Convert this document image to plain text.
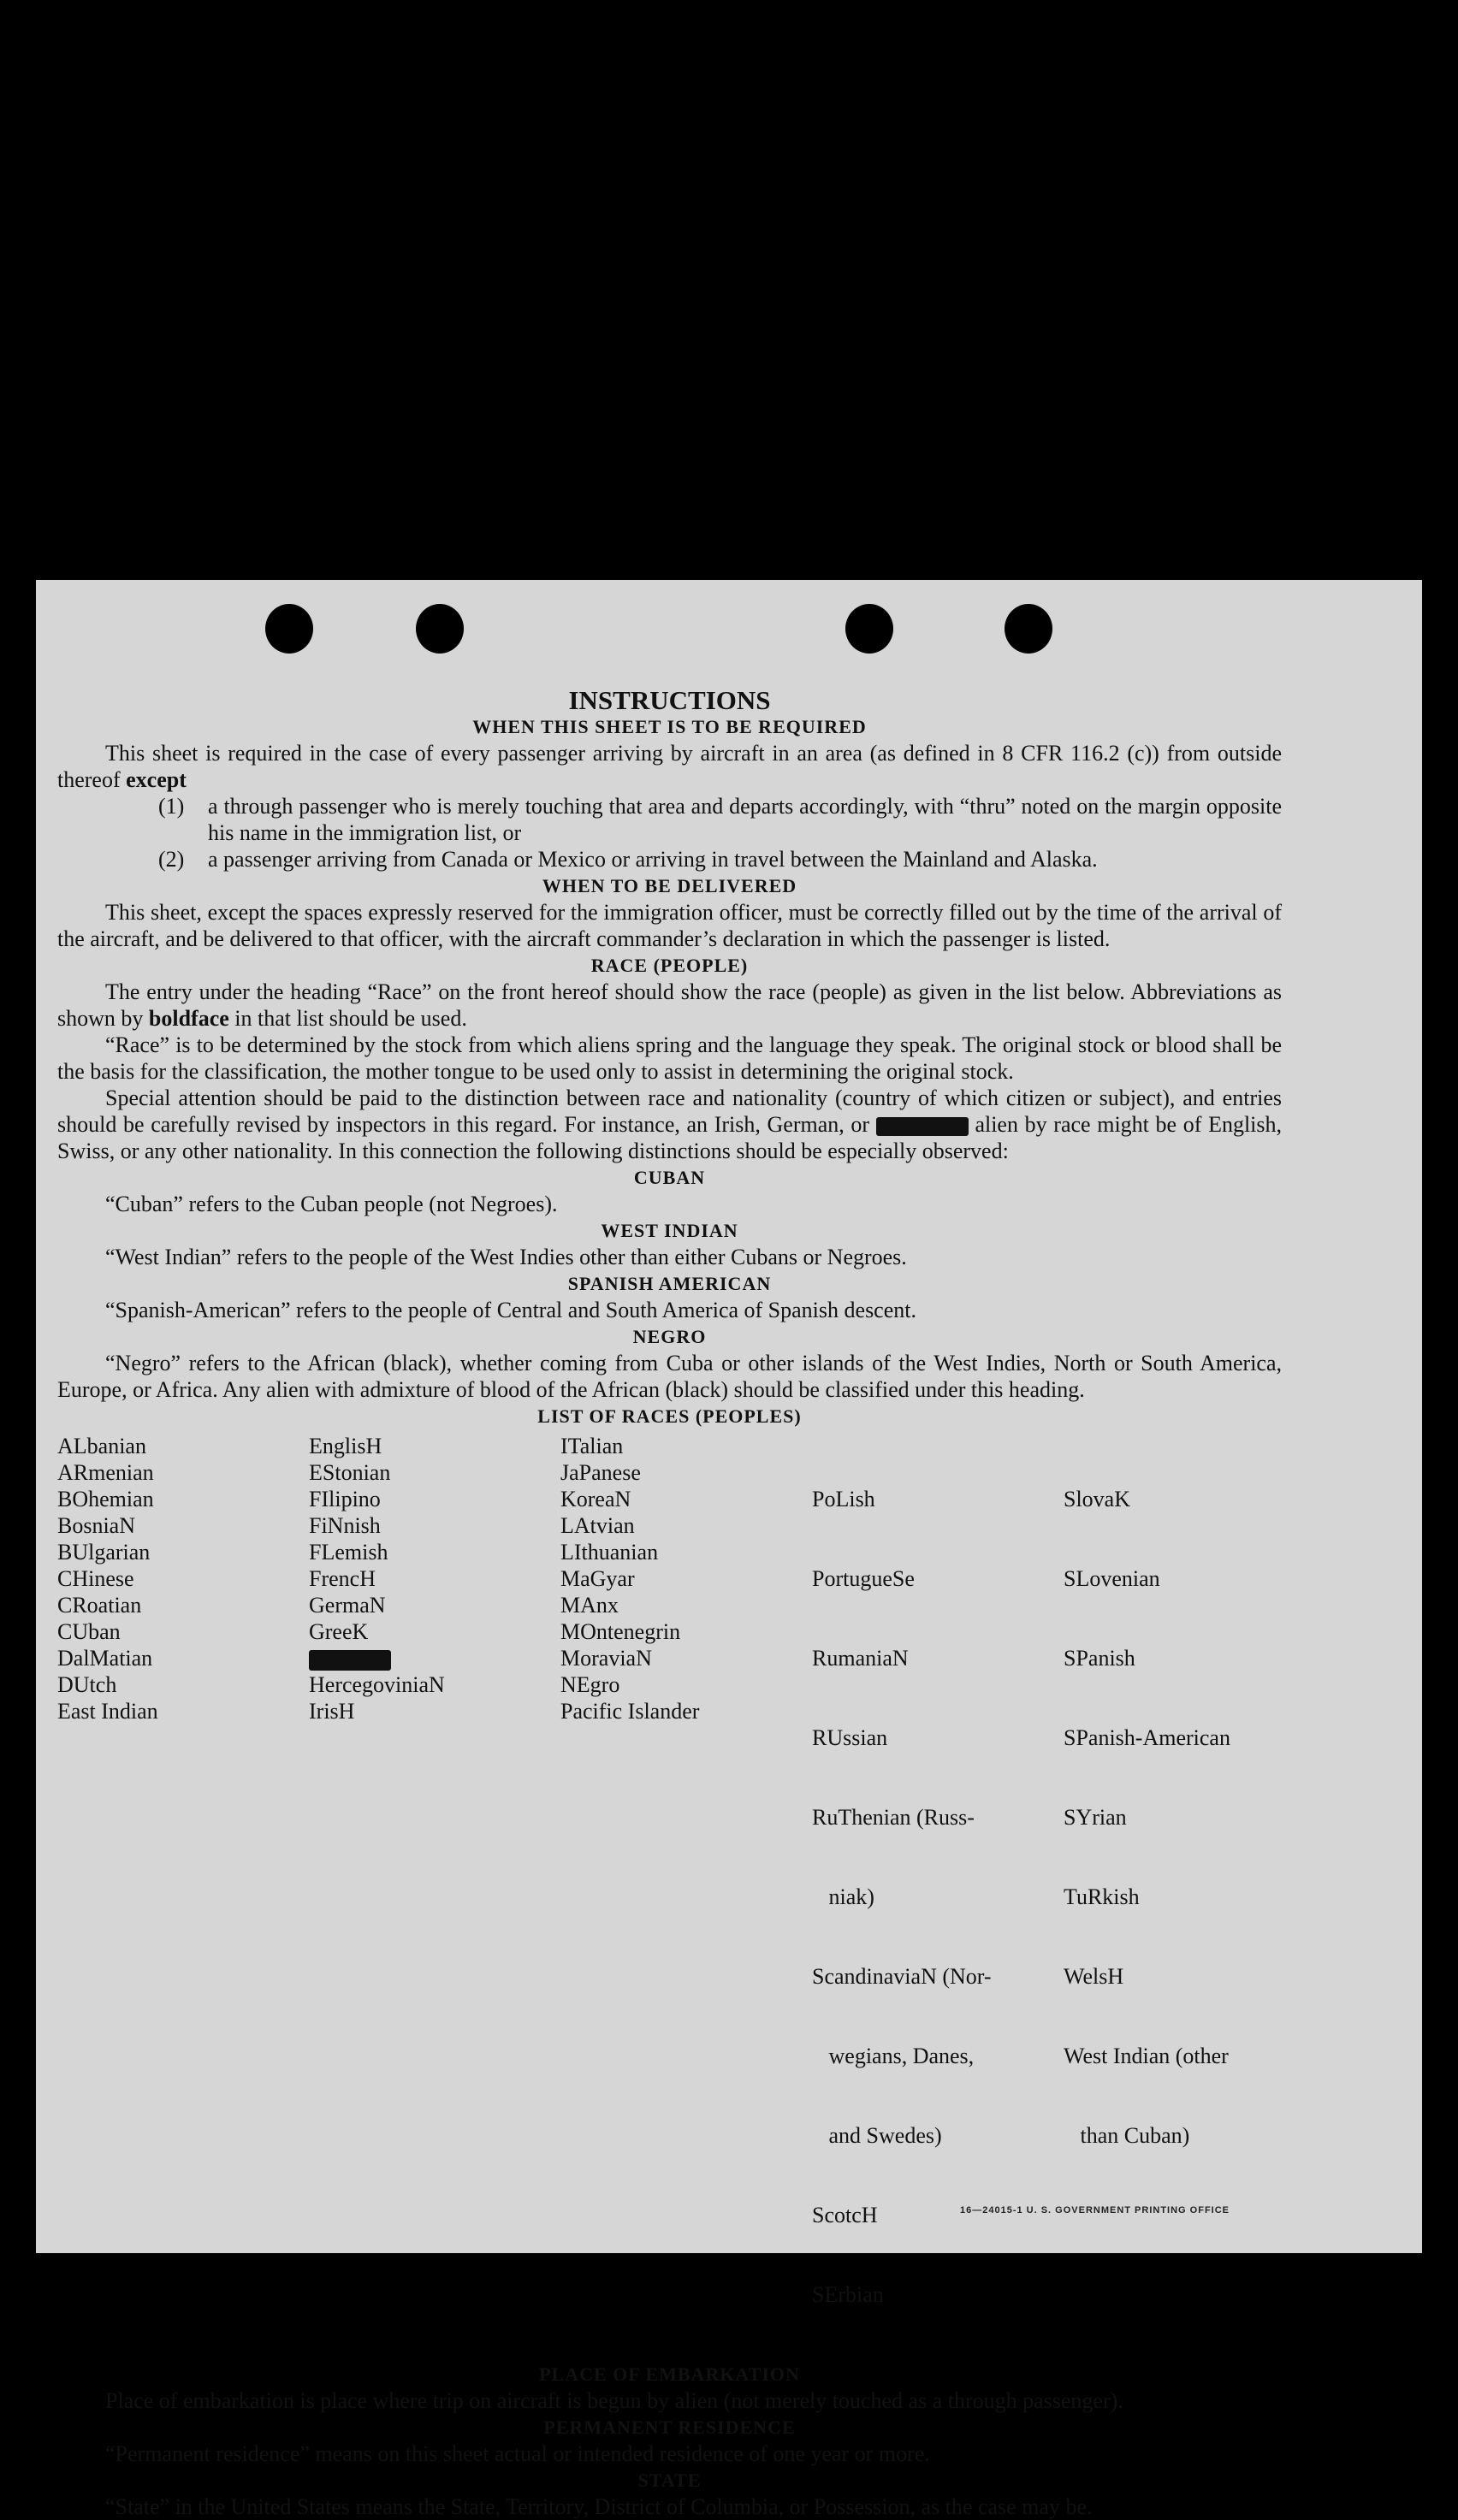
INSTRUCTIONS

WHEN THIS SHEET IS TO BE REQUIRED

This sheet is required in the case of every passenger arriving by aircraft in an area (as defined in 8 CFR 116.2 (c)) from outside thereof except

(1)	a through passenger who is merely touching that area and departs accordingly, with “thru” noted on the margin opposite his name in the immigration list, or
(2)	a passenger arriving from Canada or Mexico or arriving in travel between the Mainland and Alaska.

WHEN TO BE DELIVERED

This sheet, except the spaces expressly reserved for the immigration officer, must be correctly filled out by the time of the arrival of the aircraft, and be delivered to that officer, with the aircraft commander’s declaration in which the passenger is listed.

RACE (PEOPLE)

The entry under the heading “Race” on the front hereof should show the race (people) as given in the list below. Abbreviations as shown by boldface in that list should be used.

“Race” is to be determined by the stock from which aliens spring and the language they speak. The original stock or blood shall be the basis for the classification, the mother tongue to be used only to assist in determining the original stock.

Special attention should be paid to the distinction between race and nationality (country of which citizen or subject), and entries should be carefully revised by inspectors in this regard. For instance, an Irish, German, or	alien by race might be of English, Swiss, or any other nationality. In this connection the following distinctions should be especially observed:

CUBAN

“Cuban” refers to the Cuban people (not Negroes).

WEST INDIAN

“West Indian” refers to the people of the West Indies other than either Cubans or Negroes.

SPANISH AMERICAN

“Spanish-American” refers to the people of Central and South America of Spanish descent.

NEGRO

“Negro” refers to the African (black), whether coming from Cuba or other islands of the West Indies, North or South America, Europe, or Africa. Any alien with admixture of blood of the African (black) should be classified under this heading.

LIST OF RACES (PEOPLES)

ALbanian
ARmenian
BOhemian
BosniaN
BUlgarian
CHinese
CRoatian
CUban
DalMatian
DUtch
East Indian
EnglisH
EStonian
FIlipino
FiNnish
FLemish
FrencH
GermaN
GreeK
HercegoviniaN
IrisH
ITalian
JaPanese
KoreaN
LAtvian
LIthuanian
MaGyar
MAnx
MOntenegrin
MoraviaN
NEgro
Pacific Islander

PoLish

PortugueSe

RumaniaN

RUssian

RuThenian (Russ-

niak)

ScandinaviaN (Nor-

wegians, Danes,

and Swedes)

ScotcH

SErbian

SlovaK

SLovenian

SPanish

SPanish-American

SYrian

TuRkish

WelsH

West Indian (other

than Cuban)

PLACE OF EMBARKATION

Place of embarkation is place where trip on aircraft is begun by alien (not merely touched as a through passenger).

PERMANENT RESIDENCE

“Permanent residence” means on this sheet actual or intended residence of one year or more.

STATE

“State” in the United States means the State, Territory, District of Columbia, or Possession, as the case may be.

16—24015-1 U. S. GOVERNMENT PRINTING OFFICE
